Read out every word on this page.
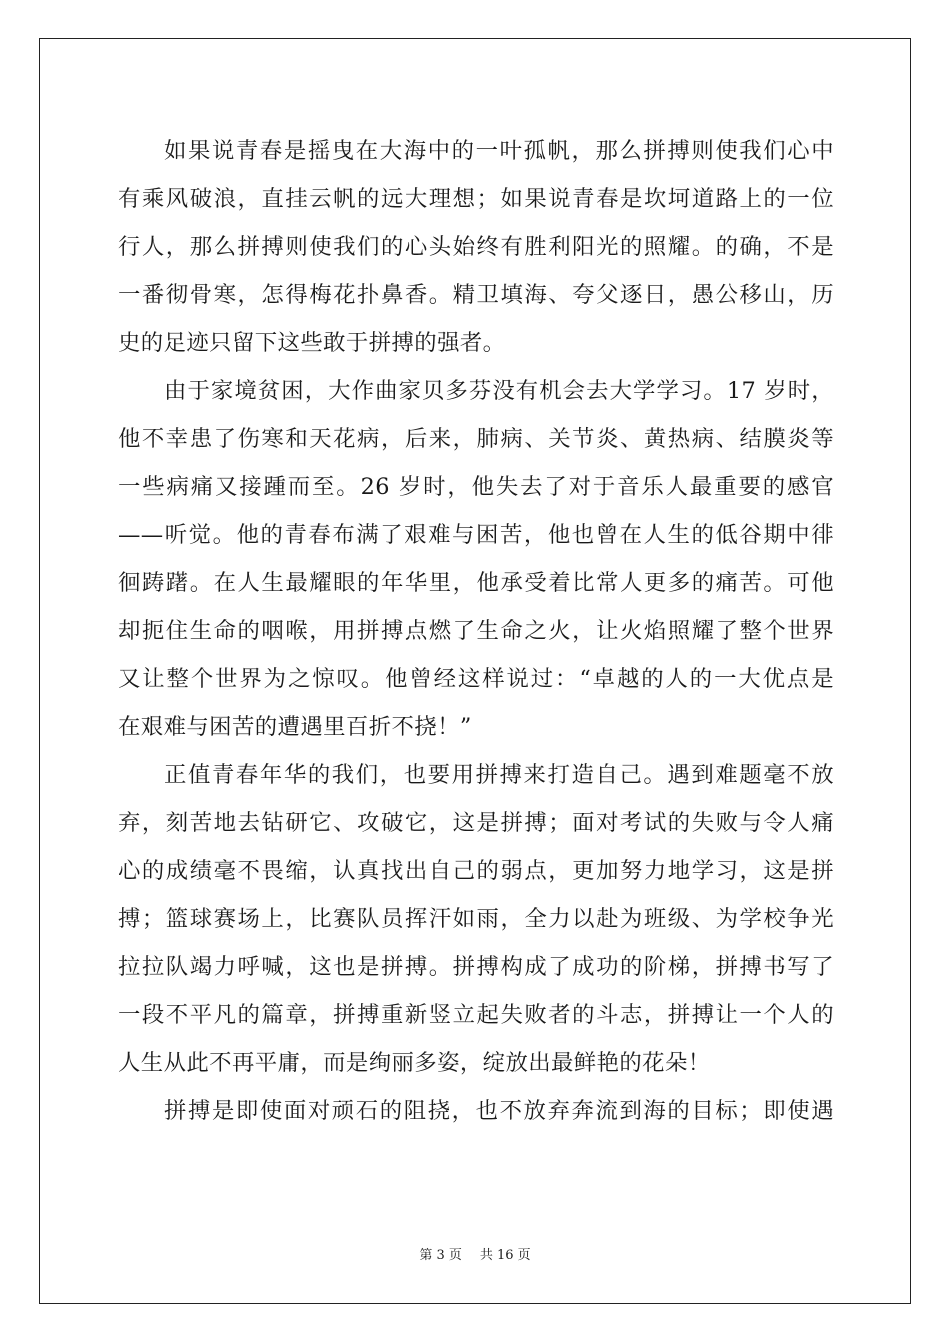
如果说青春是摇曳在大海中的一叶孤帆，那么拼搏则使我们心中
有乘风破浪，直挂云帆的远大理想；如果说青春是坎坷道路上的一位
行人，那么拼搏则使我们的心头始终有胜利阳光的照耀。的确，不是
一番彻骨寒，怎得梅花扑鼻香。精卫填海、夸父逐日，愚公移山，历
史的足迹只留下这些敢于拼搏的强者。
由于家境贫困，大作曲家贝多芬没有机会去大学学习。17 岁时，
他不幸患了伤寒和天花病，后来，肺病、关节炎、黄热病、结膜炎等
一些病痛又接踵而至。26 岁时，他失去了对于音乐人最重要的感官
——听觉。他的青春布满了艰难与困苦，他也曾在人生的低谷期中徘
徊踌躇。在人生最耀眼的年华里，他承受着比常人更多的痛苦。可他
却扼住生命的咽喉，用拼搏点燃了生命之火，让火焰照耀了整个世界
又让整个世界为之惊叹。他曾经这样说过：“卓越的人的一大优点是
在艰难与困苦的遭遇里百折不挠！”
正值青春年华的我们，也要用拼搏来打造自己。遇到难题毫不放
弃，刻苦地去钻研它、攻破它，这是拼搏；面对考试的失败与令人痛
心的成绩毫不畏缩，认真找出自己的弱点，更加努力地学习，这是拼
搏；篮球赛场上，比赛队员挥汗如雨，全力以赴为班级、为学校争光
拉拉队竭力呼喊，这也是拼搏。拼搏构成了成功的阶梯，拼搏书写了
一段不平凡的篇章，拼搏重新竖立起失败者的斗志，拼搏让一个人的
人生从此不再平庸，而是绚丽多姿，绽放出最鲜艳的花朵！
拼搏是即使面对顽石的阻挠，也不放弃奔流到海的目标；即使遇
第 3 页 共 16 页
